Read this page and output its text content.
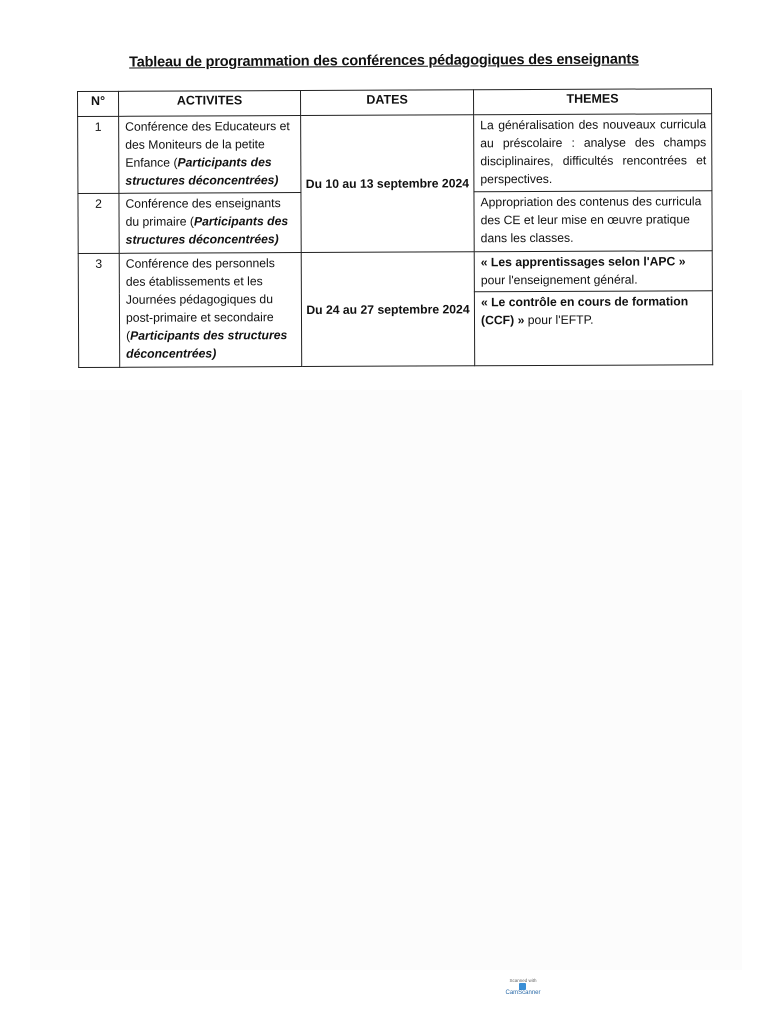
Tableau de programmation des conférences pédagogiques des enseignants
N°	ACTIVITES	DATES	THEMES
1	Conférence des Educateurs et des Moniteurs de la petite Enfance (Participants des structures déconcentrées)	Du 10 au 13 septembre 2024	La généralisation des nouveaux curricula au préscolaire : analyse des champs disciplinaires, difficultés rencontrées et perspectives.
2	Conférence des enseignants du primaire (Participants des structures déconcentrées)		Appropriation des contenus des curricula des CE et leur mise en œuvre pratique dans les classes.
3	Conférence des personnels des établissements et les Journées pédagogiques du post-primaire et secondaire (Participants des structures déconcentrées)	Du 24 au 27 septembre 2024	« Les apprentissages selon l'APC »
pour l'enseignement général.
			« Le contrôle en cours de formation (CCF) » pour l'EFTP.
Scanned with
CamScanner
